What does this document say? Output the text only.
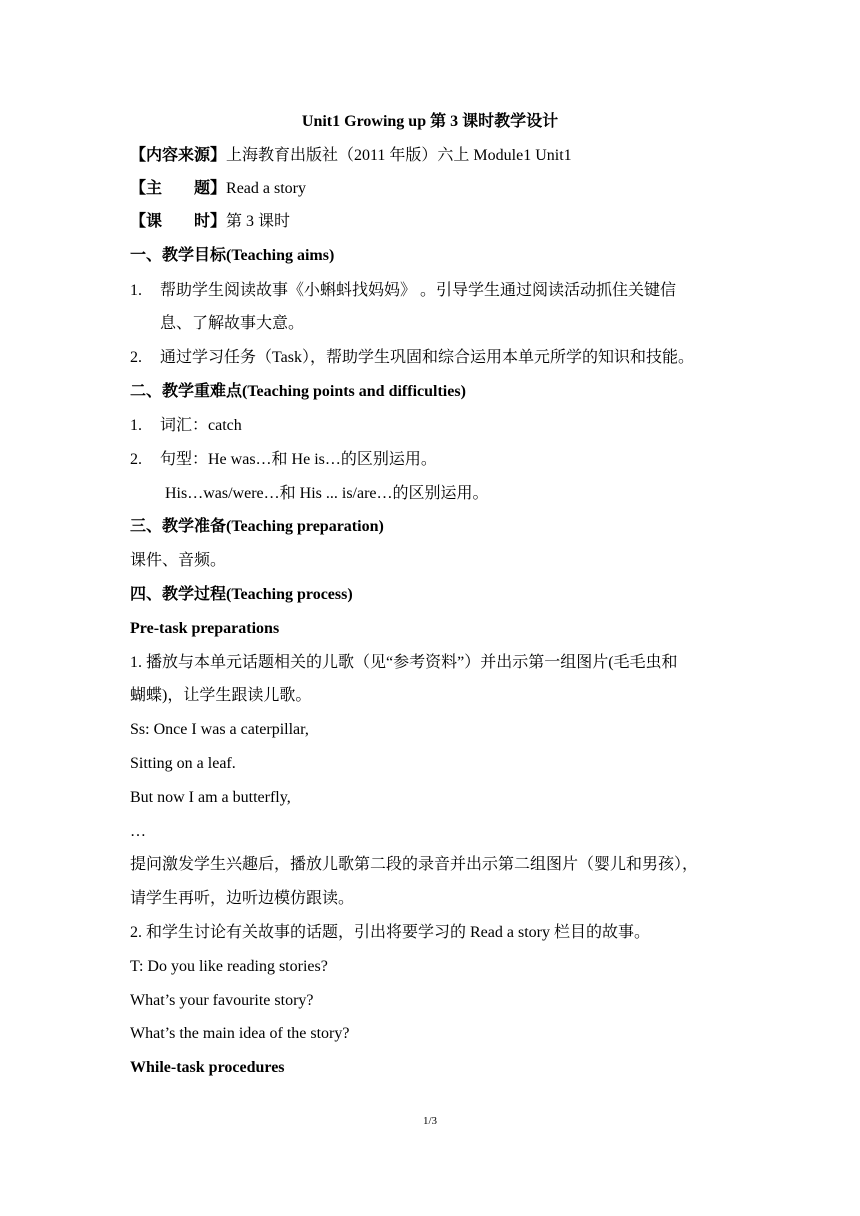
Unit1 Growing up 第 3 课时教学设计
【内容来源】上海教育出版社（2011 年版）六上 Module1 Unit1
【主　　题】Read a story
【课　　时】第 3 课时
一、教学目标(Teaching aims)
1. 帮助学生阅读故事《小蝌蚪找妈妈》 。引导学生通过阅读活动抓住关键信
息、了解故事大意。
2. 通过学习任务（Task），帮助学生巩固和综合运用本单元所学的知识和技能。
二、教学重难点(Teaching points and difficulties)
1. 词汇：catch
2. 句型：He was…和 He is…的区别运用。
His…was/were…和 His ... is/are…的区别运用。
三、教学准备(Teaching preparation)
课件、音频。
四、教学过程(Teaching process)
Pre-task preparations
1. 播放与本单元话题相关的儿歌（见“参考资料”）并出示第一组图片(毛毛虫和
蝴蝶)，让学生跟读儿歌。
Ss: Once I was a caterpillar,
Sitting on a leaf.
But now I am a butterfly,
…
提问激发学生兴趣后，播放儿歌第二段的录音并出示第二组图片（婴儿和男孩），
请学生再听，边听边模仿跟读。
2. 和学生讨论有关故事的话题，引出将要学习的 Read a story 栏目的故事。
T: Do you like reading stories?
What’s your favourite story?
What’s the main idea of the story?
While-task procedures
1/3
